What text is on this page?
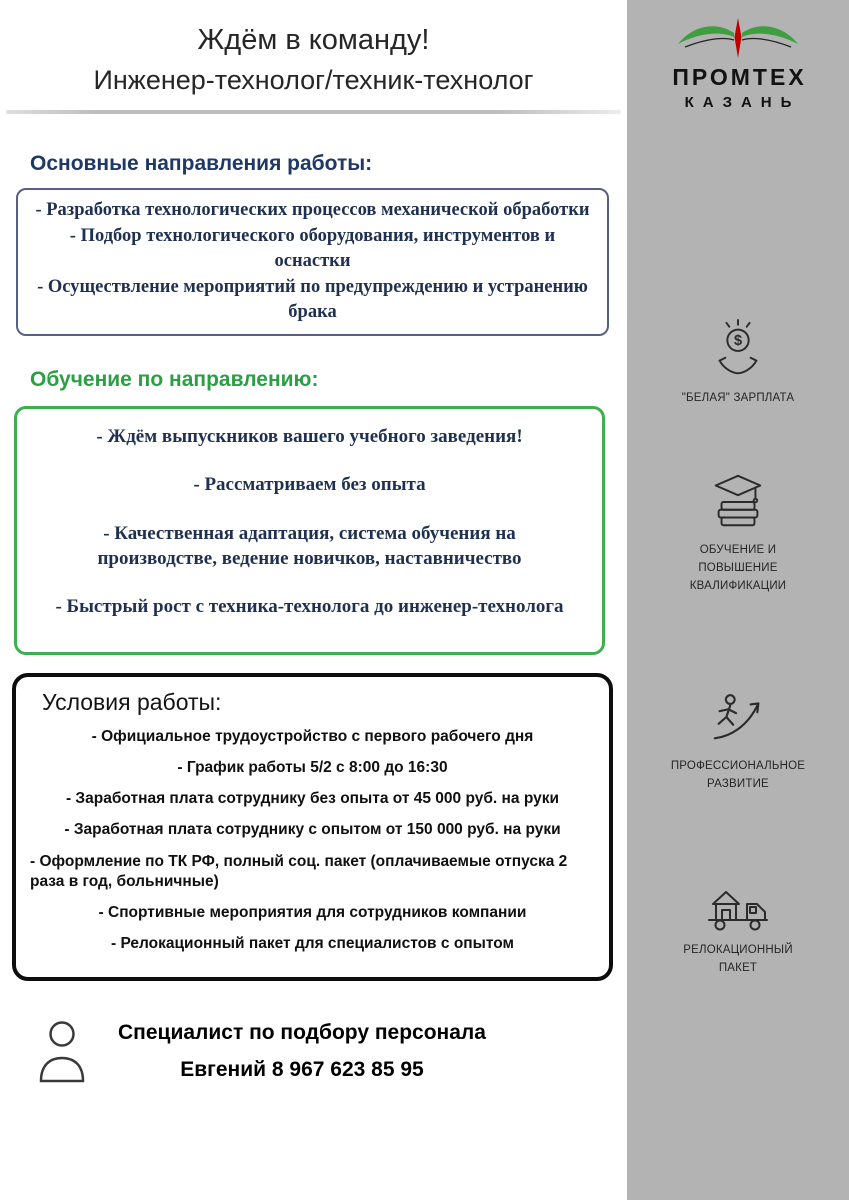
Ждём в команду!
Инженер-технолог/техник-технолог
Основные направления работы:
- Разработка технологических процессов механической обработки
- Подбор технологического оборудования, инструментов и оснастки
- Осуществление мероприятий по предупреждению и устранению брака
Обучение по направлению:
- Ждём выпускников вашего учебного заведения!
- Рассматриваем без опыта
- Качественная адаптация, система обучения на производстве, ведение новичков, наставничество
- Быстрый рост с техника-технолога до инженер-технолога
Условия работы:
- Официальное трудоустройство с первого рабочего дня
- График работы 5/2 с 8:00 до 16:30
- Заработная плата сотруднику без опыта от 45 000 руб. на руки
- Заработная плата сотруднику с опытом от 150 000 руб. на руки
- Оформление по ТК РФ, полный соц. пакет (оплачиваемые отпуска 2 раза в год, больничные)
- Спортивные мероприятия для сотрудников компании
- Релокационный пакет для специалистов с опытом
Специалист по подбору персонала
Евгений 8 967 623 85 95
ПРОМТЕХ
КАЗАНЬ
$
"БЕЛАЯ" ЗАРПЛАТА
ОБУЧЕНИЕ И ПОВЫШЕНИЕ КВАЛИФИКАЦИИ
ПРОФЕССИОНАЛЬНОЕ РАЗВИТИЕ
РЕЛОКАЦИОННЫЙ ПАКЕТ
